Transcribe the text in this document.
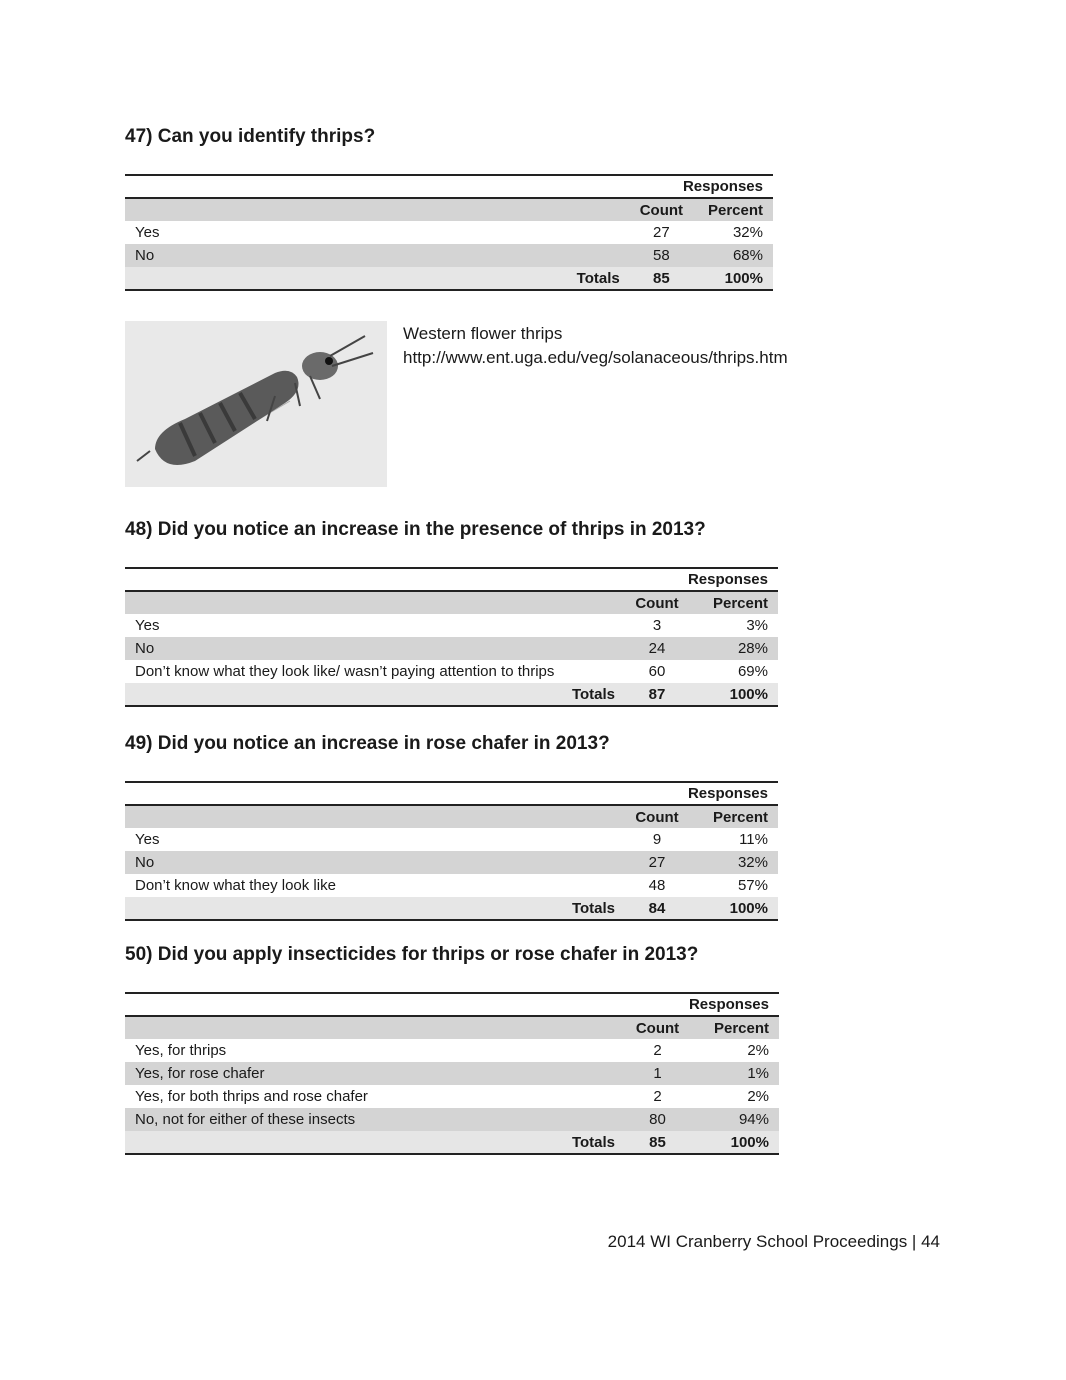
47) Can you identify thrips?
	Responses	
	Count	Percent
Yes	27	32%
No	58	68%
Totals	85	100%
Western flower thrips
http://www.ent.uga.edu/veg/solanaceous/thrips.htm
48) Did you notice an increase in the presence of thrips in 2013?
	Responses	
	Count	Percent
Yes	3	3%
No	24	28%
Don’t know what they look like/ wasn’t paying attention to thrips	60	69%
Totals	87	100%
49) Did you notice an increase in rose chafer in 2013?
	Responses	
	Count	Percent
Yes	9	11%
No	27	32%
Don’t know what they look like	48	57%
Totals	84	100%
50) Did you apply insecticides for thrips or rose chafer in 2013?
	Responses	
	Count	Percent
Yes, for thrips	2	2%
Yes, for rose chafer	1	1%
Yes, for both thrips and rose chafer	2	2%
No, not for either of these insects	80	94%
Totals	85	100%
2014 WI Cranberry School Proceedings | 44
